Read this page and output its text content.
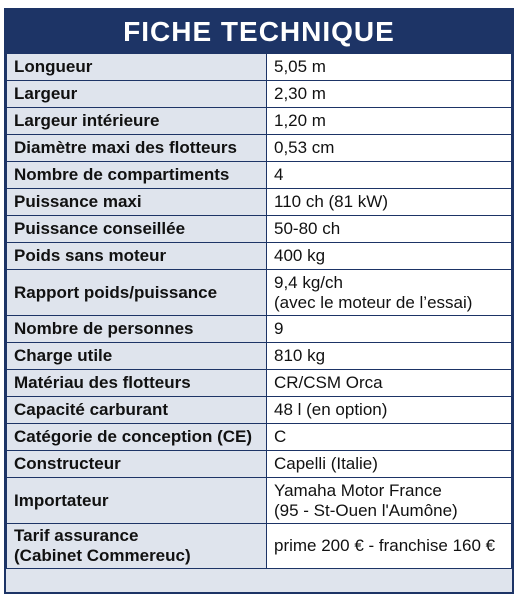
FICHE TECHNIQUE
Longueur	5,05 m
Largeur	2,30 m
Largeur intérieure	1,20 m
Diamètre maxi des flotteurs	0,53 cm
Nombre de compartiments	4
Puissance maxi	110 ch (81 kW)
Puissance conseillée	50-80 ch
Poids sans moteur	400 kg
Rapport poids/puissance	9,4 kg/ch
(avec le moteur de l’essai)

Nombre de personnes	9
Charge utile	810 kg
Matériau des flotteurs	CR/CSM Orca
Capacité carburant	48 l (en option)
Catégorie de conception (CE)	C
Constructeur	Capelli (Italie)
Importateur	Yamaha Motor France
(95 - St-Ouen l'Aumône)

Tarif assurance
(Cabinet Commereuc)	prime 200 € - franchise 160 €
